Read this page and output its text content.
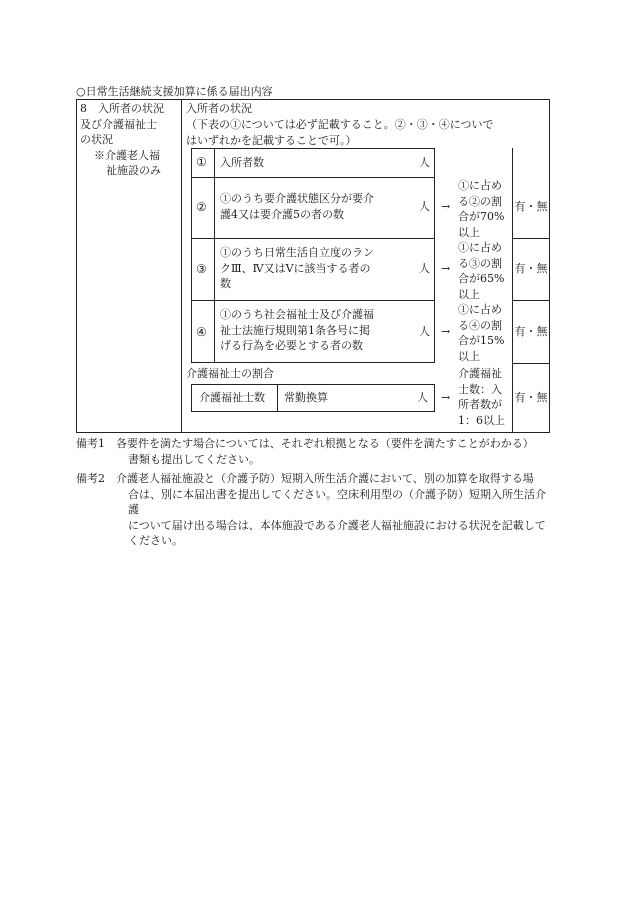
○日常生活継続支援加算に係る届出内容
8　入所者の状況
及び介護福祉士
の状況
※介護老人福
祉施設のみ
入所者の状況
（下表の①については必ず記載すること。②・③・④についで
はいずれかを記載することで可。）
① 入所者数	人
②
①のうち要介護状態区分が要介
護4又は要介護5の者の数
人 →
①に占め
る②の割
合が70%
以上
有・無
③
①のうち日常生活自立度のラン
クⅢ、Ⅳ又はⅤに該当する者の
数
人 →
①に占め
る③の割
合が65%
以上
有・無
④
①のうち社会福祉士及び介護福
祉士法施行規則第1条各号に掲
げる行為を必要とする者の数
人 →
①に占め
る④の割
合が15%
以上
有・無
介護福祉士の割合
介護福祉士数 常勤換算	人 →
介護福祉
士数：入
所者数が
1：6以上
有・無
備考1 各要件を満たす場合については、それぞれ根拠となる（要件を満たすことがわかる）
書類も提出してください。
備考2 介護老人福祉施設と（介護予防）短期入所生活介護において、別の加算を取得する場
合は、別に本届出書を提出してください。空床利用型の（介護予防）短期入所生活介護
について届け出る場合は、本体施設である介護老人福祉施設における状況を記載して
ください。
